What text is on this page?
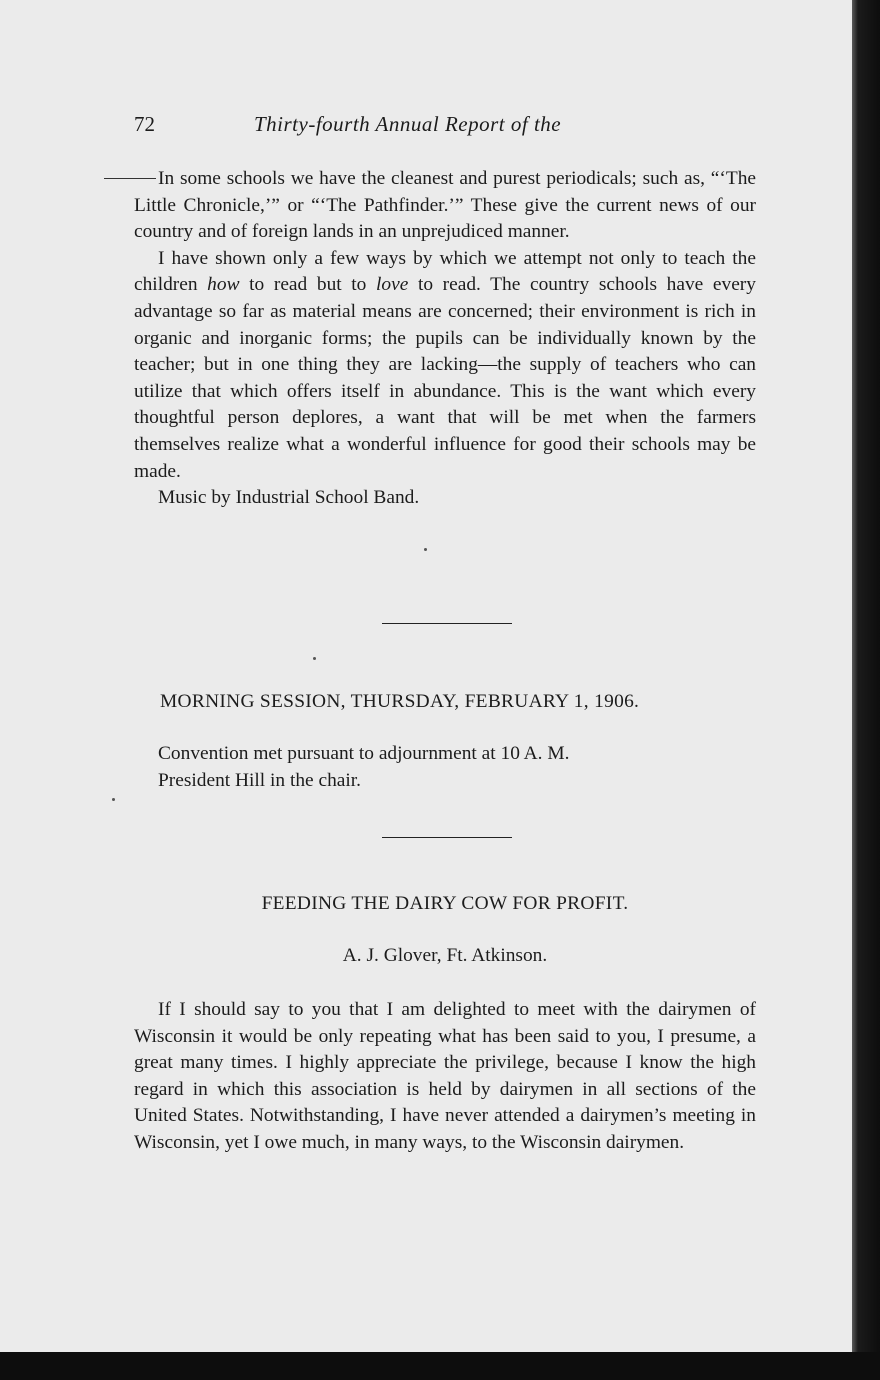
72	Thirty-fourth Annual Report of the

In some schools we have the cleanest and purest periodicals; such as, “‘The Little Chronicle,’” or “‘The Pathfinder.’” These give the current news of our country and of foreign lands in an unprejudiced manner.

I have shown only a few ways by which we attempt not only to teach the children how to read but to love to read. The country schools have every advantage so far as material means are concerned; their environment is rich in organic and inorganic forms; the pupils can be individually known by the teacher; but in one thing they are lacking—the supply of teachers who can utilize that which offers itself in abundance. This is the want which every thoughtful person deplores, a want that will be met when the farmers themselves realize what a wonderful influence for good their schools may be made.

Music by Industrial School Band.

MORNING SESSION, THURSDAY, FEBRUARY 1, 1906.

Convention met pursuant to adjournment at 10 A. M.

President Hill in the chair.

FEEDING THE DAIRY COW FOR PROFIT.
A. J. Glover, Ft. Atkinson.

If I should say to you that I am delighted to meet with the dairymen of Wisconsin it would be only repeating what has been said to you, I presume, a great many times. I highly appreciate the privilege, because I know the high regard in which this association is held by dairymen in all sections of the United States. Notwithstanding, I have never attended a dairymen’s meeting in Wisconsin, yet I owe much, in many ways, to the Wisconsin dairymen.
